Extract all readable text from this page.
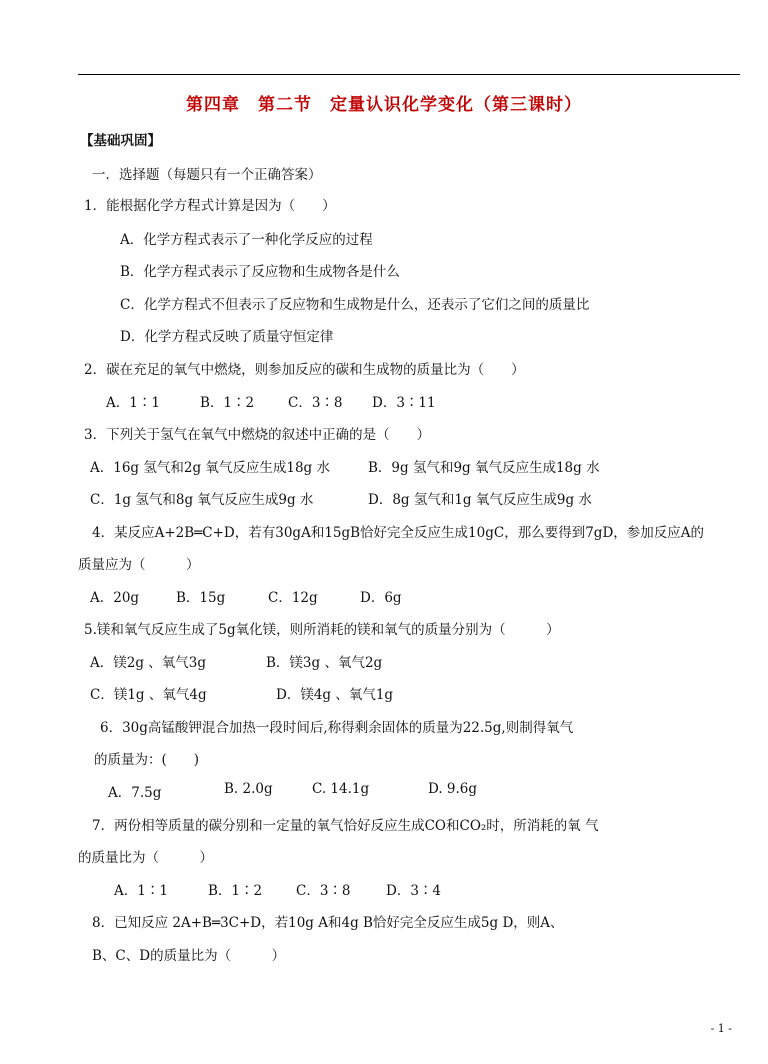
第四章　第二节　定量认识化学变化（第三课时）
【基础巩固】
一．选择题（每题只有一个正确答案）
1．能根据化学方程式计算是因为（　　）
A．化学方程式表示了一种化学反应的过程
B．化学方程式表示了反应物和生成物各是什么
C．化学方程式不但表示了反应物和生成物是什么，还表示了它们之间的质量比
D．化学方程式反映了质量守恒定律
2．碳在充足的氧气中燃烧，则参加反应的碳和生成物的质量比为（　　）
A．1∶1	B．1∶2	C．3∶8 D．3∶11
3．下列关于氢气在氧气中燃烧的叙述中正确的是（　　）
A．16g 氢气和2g 氧气反应生成18g 水	B．9g 氢气和9g 氧气反应生成18g 水
C．1g 氢气和8g 氧气反应生成9g 水	D．8g 氢气和1g 氧气反应生成9g 水
4．某反应A+2B═C+D，若有30gA和15gB恰好完全反应生成10gC，那么要得到7gD，参加反应A的
质量应为（　　　）
A．20g	B．15g	C．12g	D．6g
5.镁和氧气反应生成了5g氧化镁，则所消耗的镁和氧气的质量分别为（　　　）
A．镁2g 、氧气3g	B．镁3g 、氧气2g
C．镁1g 、氧气4g	D．镁4g 、氧气1g
6．30g高锰酸钾混合加热一段时间后,称得剩余固体的质量为22.5g,则制得氧气
的质量为：(　　)
A．7.5g	B. 2.0g	C. 14.1g	D. 9.6g
7．两份相等质量的碳分别和一定量的氧气恰好反应生成CO和CO₂时，所消耗的氧 气
的质量比为（　　　）
A．1∶1	B．1∶2	C．3∶8	D．3∶4
8．已知反应 2A+B═3C+D，若10g A和4g B恰好完全反应生成5g D，则A、
B、C、D的质量比为（　　　）
- 1 -
